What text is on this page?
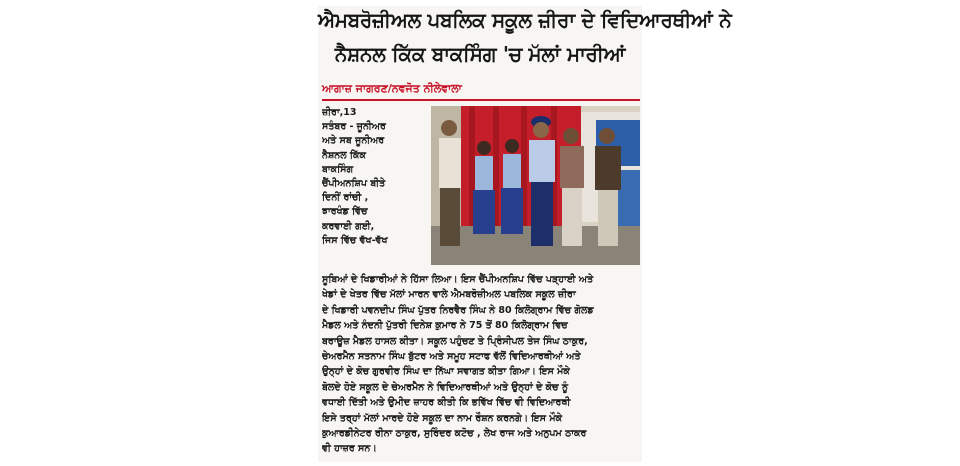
ਐਮਬਰੋਜ਼ੀਅਲ ਪਬਲਿਕ ਸਕੂਲ ਜ਼ੀਰਾ ਦੇ ਵਿਦਿਆਰਥੀਆਂ ਨੇ
ਨੈਸ਼ਨਲ ਕਿੱਕ ਬਾਕਸਿੰਗ 'ਚ ਮੱਲਾਂ ਮਾਰੀਆਂ
ਆਗਾਜ਼ ਜਾਗਰਣ/ਨਵਜੋਤ ਨੀਲੇਵਾਲਾ
ਜ਼ੀਰਾ,13
ਸਤੰਬਰ - ਜੂਨੀਅਰ
ਅਤੇ ਸਬ ਜੂਨੀਅਰ
ਨੈਸ਼ਨਲ ਕਿੱਕ
ਬਾਕਸਿੰਗ
ਚੈਂਪੀਅਨਸ਼ਿਪ ਬੀਤੇ
ਦਿਨੀਂ ਰਾਂਚੀ ,
ਝਾਰਖੰਡ ਵਿੱਚ
ਕਰਵਾਈ ਗਈ,
ਜਿਸ ਵਿੱਚ ਵੱਖ-ਵੱਖ
ਸੂਬਿਆਂ ਦੇ ਖਿਡਾਰੀਆਂ ਨੇ ਹਿੱਸਾ ਲਿਆ। ਇਸ ਚੈਂਪੀਅਨਸ਼ਿਪ ਵਿੱਚ ਪੜ੍ਹਾਈ ਅਤੇ
ਖੇਡਾਂ ਦੇ ਖੇਤਰ ਵਿੱਚ ਮੱਲਾਂ ਮਾਰਨ ਵਾਲੇ ਐਮਬਰੋਜ਼ੀਅਲ ਪਬਲਿਕ ਸਕੂਲ ਜ਼ੀਰਾ
ਦੇ ਖਿਡਾਰੀ ਪਵਨਦੀਪ ਸਿੰਘ ਪੁੱਤਰ ਨਿਰਵੈਰ ਸਿੰਘ ਨੇ 80 ਕਿਲੋਗ੍ਰਾਮ ਵਿੱਚ ਗੋਲਡ
ਮੈਡਲ ਅਤੇ ਨੰਦਨੀ ਪੁੱਤਰੀ ਦਿਨੇਸ਼ ਕੁਮਾਰ ਨੇ 75 ਤੋਂ 80 ਕਿਲੋਗ੍ਰਾਮ ਵਿਚ
ਬਰਾਊਜ਼ ਮੈਡਲ ਹਾਸਲ ਕੀਤਾ। ਸਕੂਲ ਪਹੁੰਚਣ ਤੇ ਪ੍ਰਿੰਸੀਪਲ ਤੇਜ ਸਿੰਘ ਠਾਕੁਰ,
ਚੇਅਰਮੈਨ ਸਤਨਾਮ ਸਿੰਘ ਬੁੱਟਰ ਅਤੇ ਸਮੂਹ ਸਟਾਫ ਵੱਲੋਂ ਵਿਦਿਆਰਥੀਆਂ ਅਤੇ
ਉਨ੍ਹਾਂ ਦੇ ਕੋਚ ਗੁਰਵੀਰ ਸਿੰਘ ਦਾ ਨਿੱਘਾ ਸਵਾਗਤ ਕੀਤਾ ਗਿਆ। ਇਸ ਮੌਕੇ
ਬੋਲਦੇ ਹੋਏ ਸਕੂਲ ਦੇ ਚੇਅਰਮੈਨ ਨੇ ਵਿਦਿਆਰਥੀਆਂ ਅਤੇ ਉਨ੍ਹਾਂ ਦੇ ਕੋਚ ਨੂੰ
ਵਧਾਈ ਦਿੱਤੀ ਅਤੇ ਉਮੀਦ ਜ਼ਾਹਰ ਕੀਤੀ ਕਿ ਭਵਿੱਖ ਵਿੱਚ ਵੀ ਵਿਦਿਆਰਥੀ
ਇਸੇ ਤਰ੍ਹਾਂ ਮੱਲਾਂ ਮਾਰਦੇ ਹੋਏ ਸਕੂਲ ਦਾ ਨਾਮ ਰੌਸ਼ਨ ਕਰਨਗੇ। ਇਸ ਮੌਕੇ
ਕੁਆਰਡੀਨੇਟਰ ਰੀਨਾ ਠਾਕੁਰ, ਸੁਰਿੰਦਰ ਕਟੋਚ , ਲੇਖ ਰਾਜ ਅਤੇ ਅਨੁਪਮ ਠਾਕਰ
ਵੀ ਹਾਜ਼ਰ ਸਨ।
